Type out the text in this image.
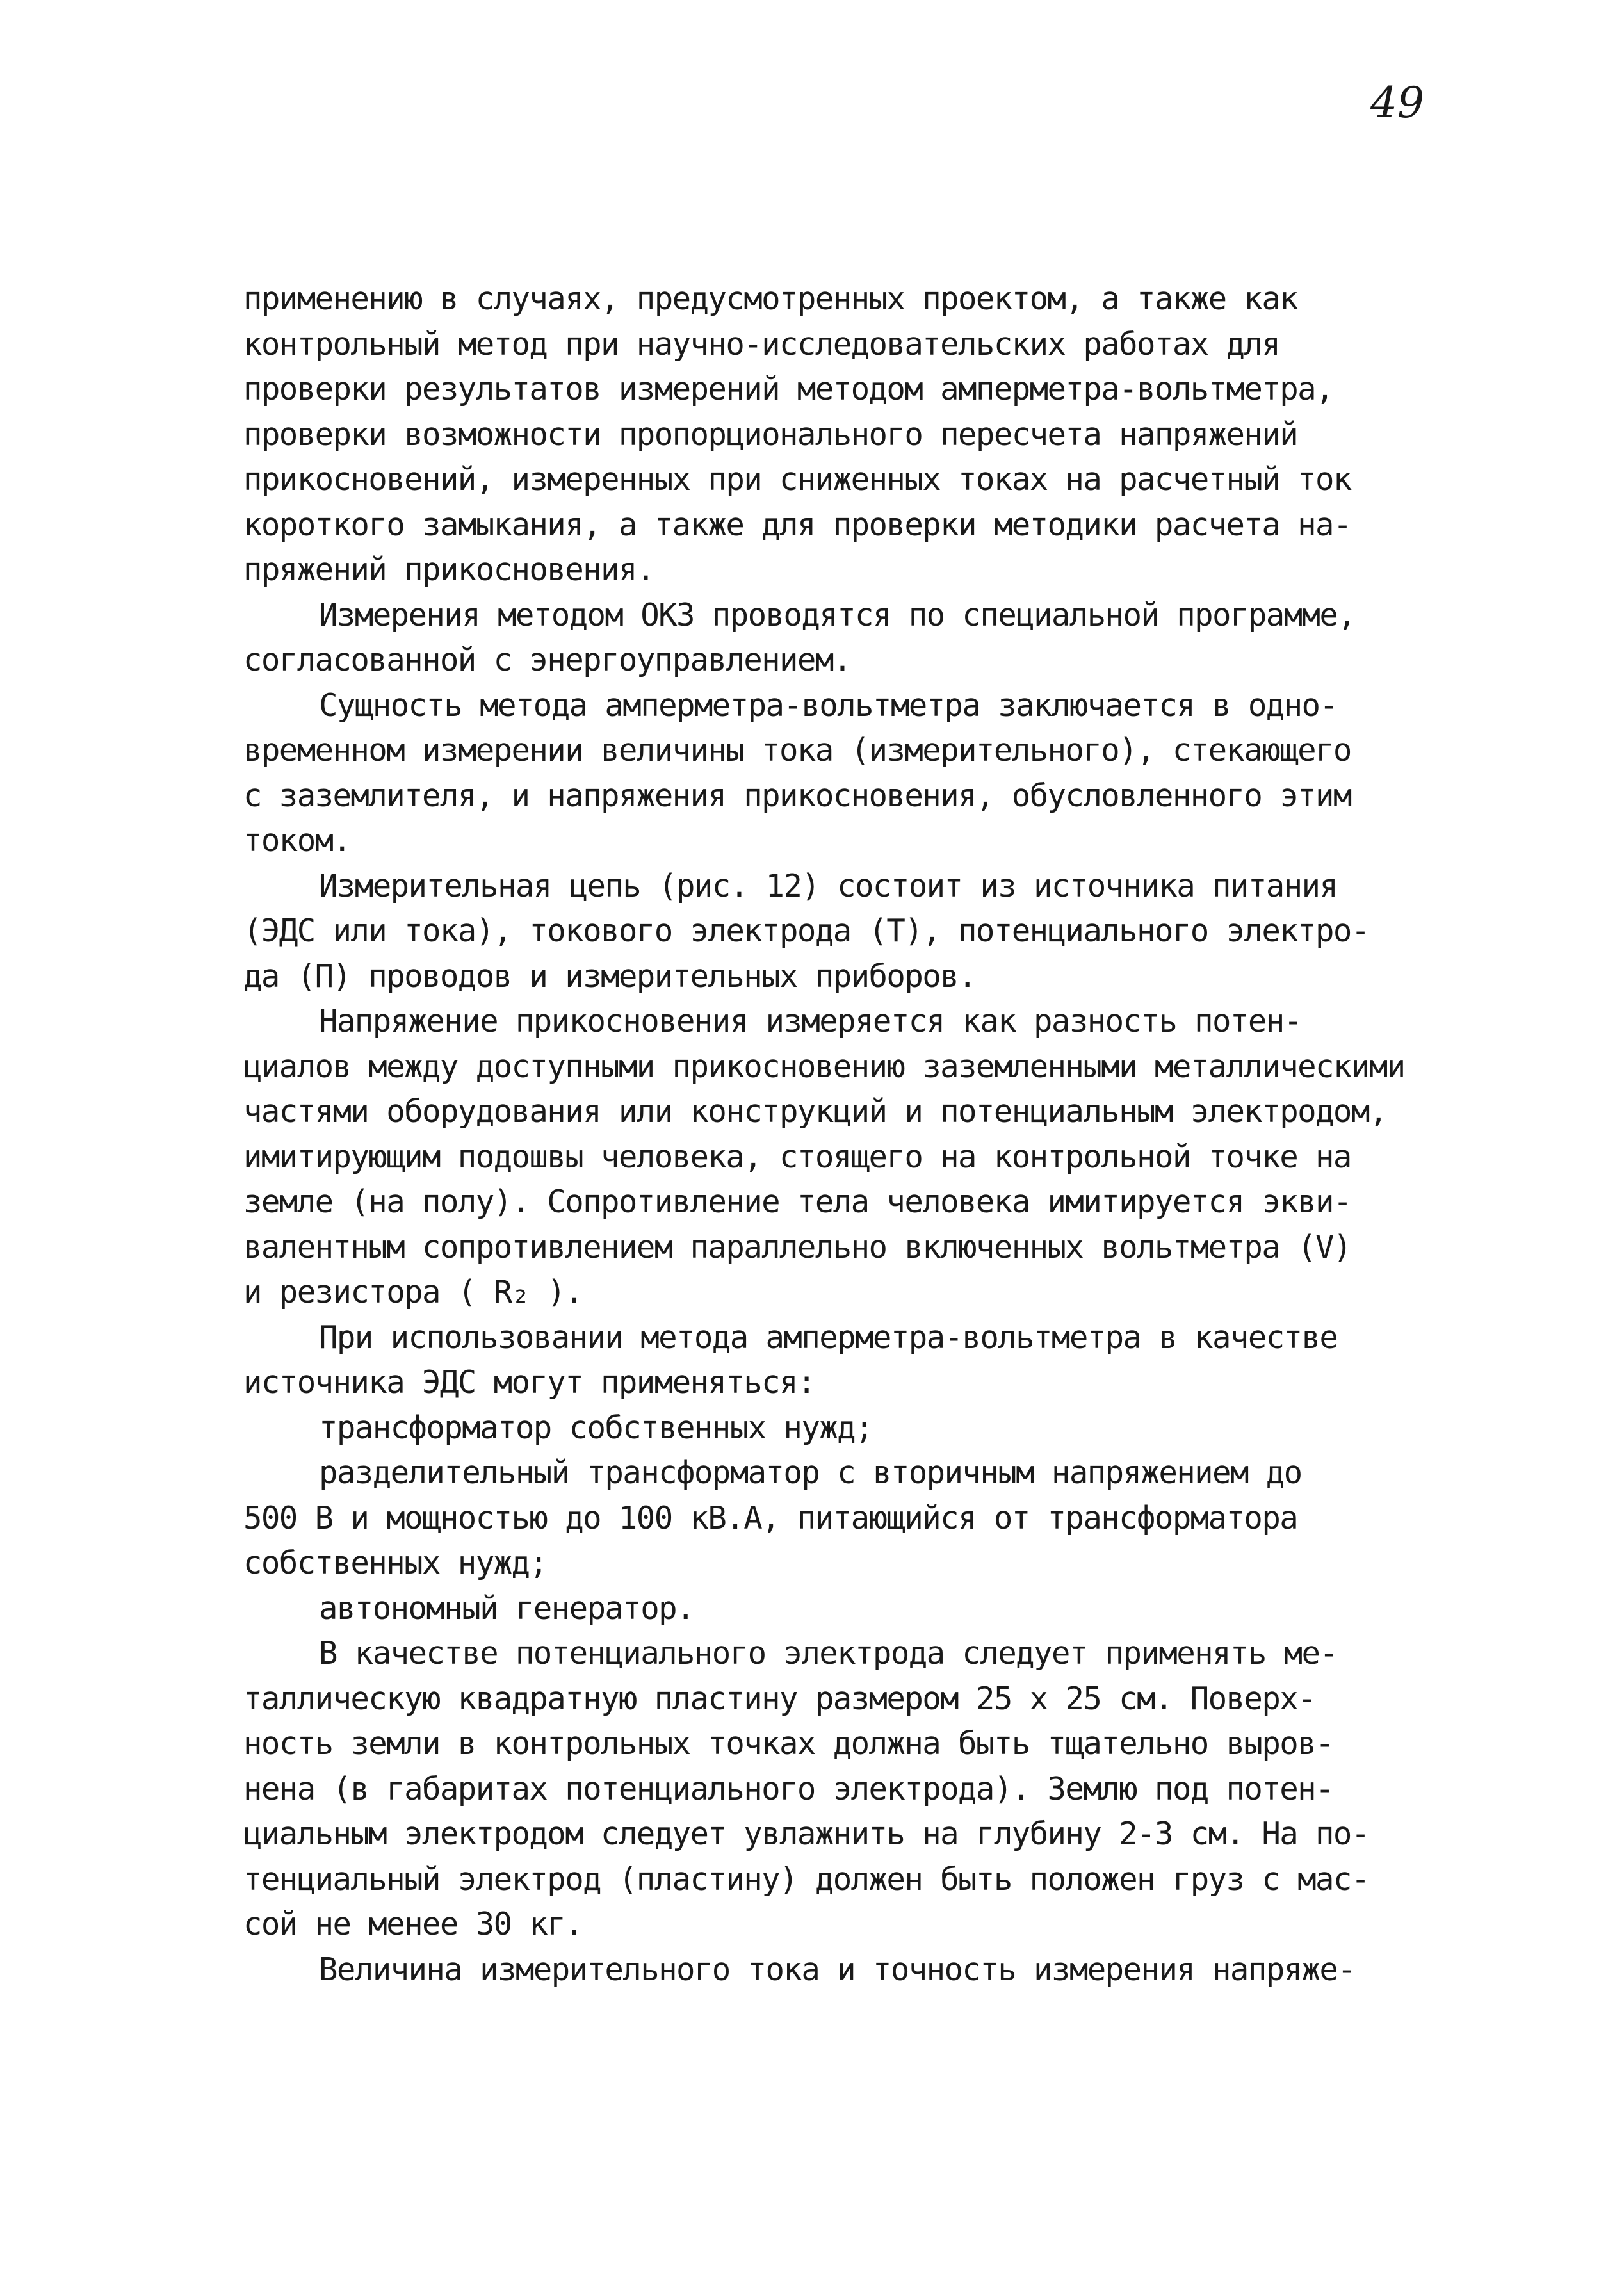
49
применению в случаях, предусмотренных проектом, а также как
контрольный метод при научно-исследовательских работах для
проверки результатов измерений методом амперметра-вольтметра,
проверки возможности пропорционального пересчета напряжений
прикосновений, измеренных при сниженных токах на расчетный ток
короткого замыкания, а также для проверки методики расчета на-
пряжений прикосновения.
Измерения методом ОКЗ проводятся по специальной программе,
согласованной с энергоуправлением.
Сущность метода амперметра-вольтметра заключается в одно-
временном измерении величины тока (измерительного), стекающего
с заземлителя, и напряжения прикосновения, обусловленного этим
током.
Измерительная цепь (рис. 12) состоит из источника питания
(ЭДС или тока), токового электрода (Т), потенциального электро-
да (П) проводов и измерительных приборов.
Напряжение прикосновения измеряется как разность потен-
циалов между доступными прикосновению заземленными металлическими
частями оборудования или конструкций и потенциальным электродом,
имитирующим подошвы человека, стоящего на контрольной точке на
земле (на полу). Сопротивление тела человека имитируется экви-
валентным сопротивлением параллельно включенных вольтметра (V)
и резистора ( R₂ ).
При использовании метода амперметра-вольтметра в качестве
источника ЭДС могут применяться:
трансформатор собственных нужд;
разделительный трансформатор с вторичным напряжением до
500 В и мощностью до 100 кВ.А, питающийся от трансформатора
собственных нужд;
автономный генератор.
В качестве потенциального электрода следует применять ме-
таллическую квадратную пластину размером 25 х 25 см. Поверх-
ность земли в контрольных точках должна быть тщательно выров-
нена (в габаритах потенциального электрода). Землю под потен-
циальным электродом следует увлажнить на глубину 2-3 см. На по-
тенциальный электрод (пластину) должен быть положен груз с мас-
сой не менее 30 кг.
Величина измерительного тока и точность измерения напряже-
